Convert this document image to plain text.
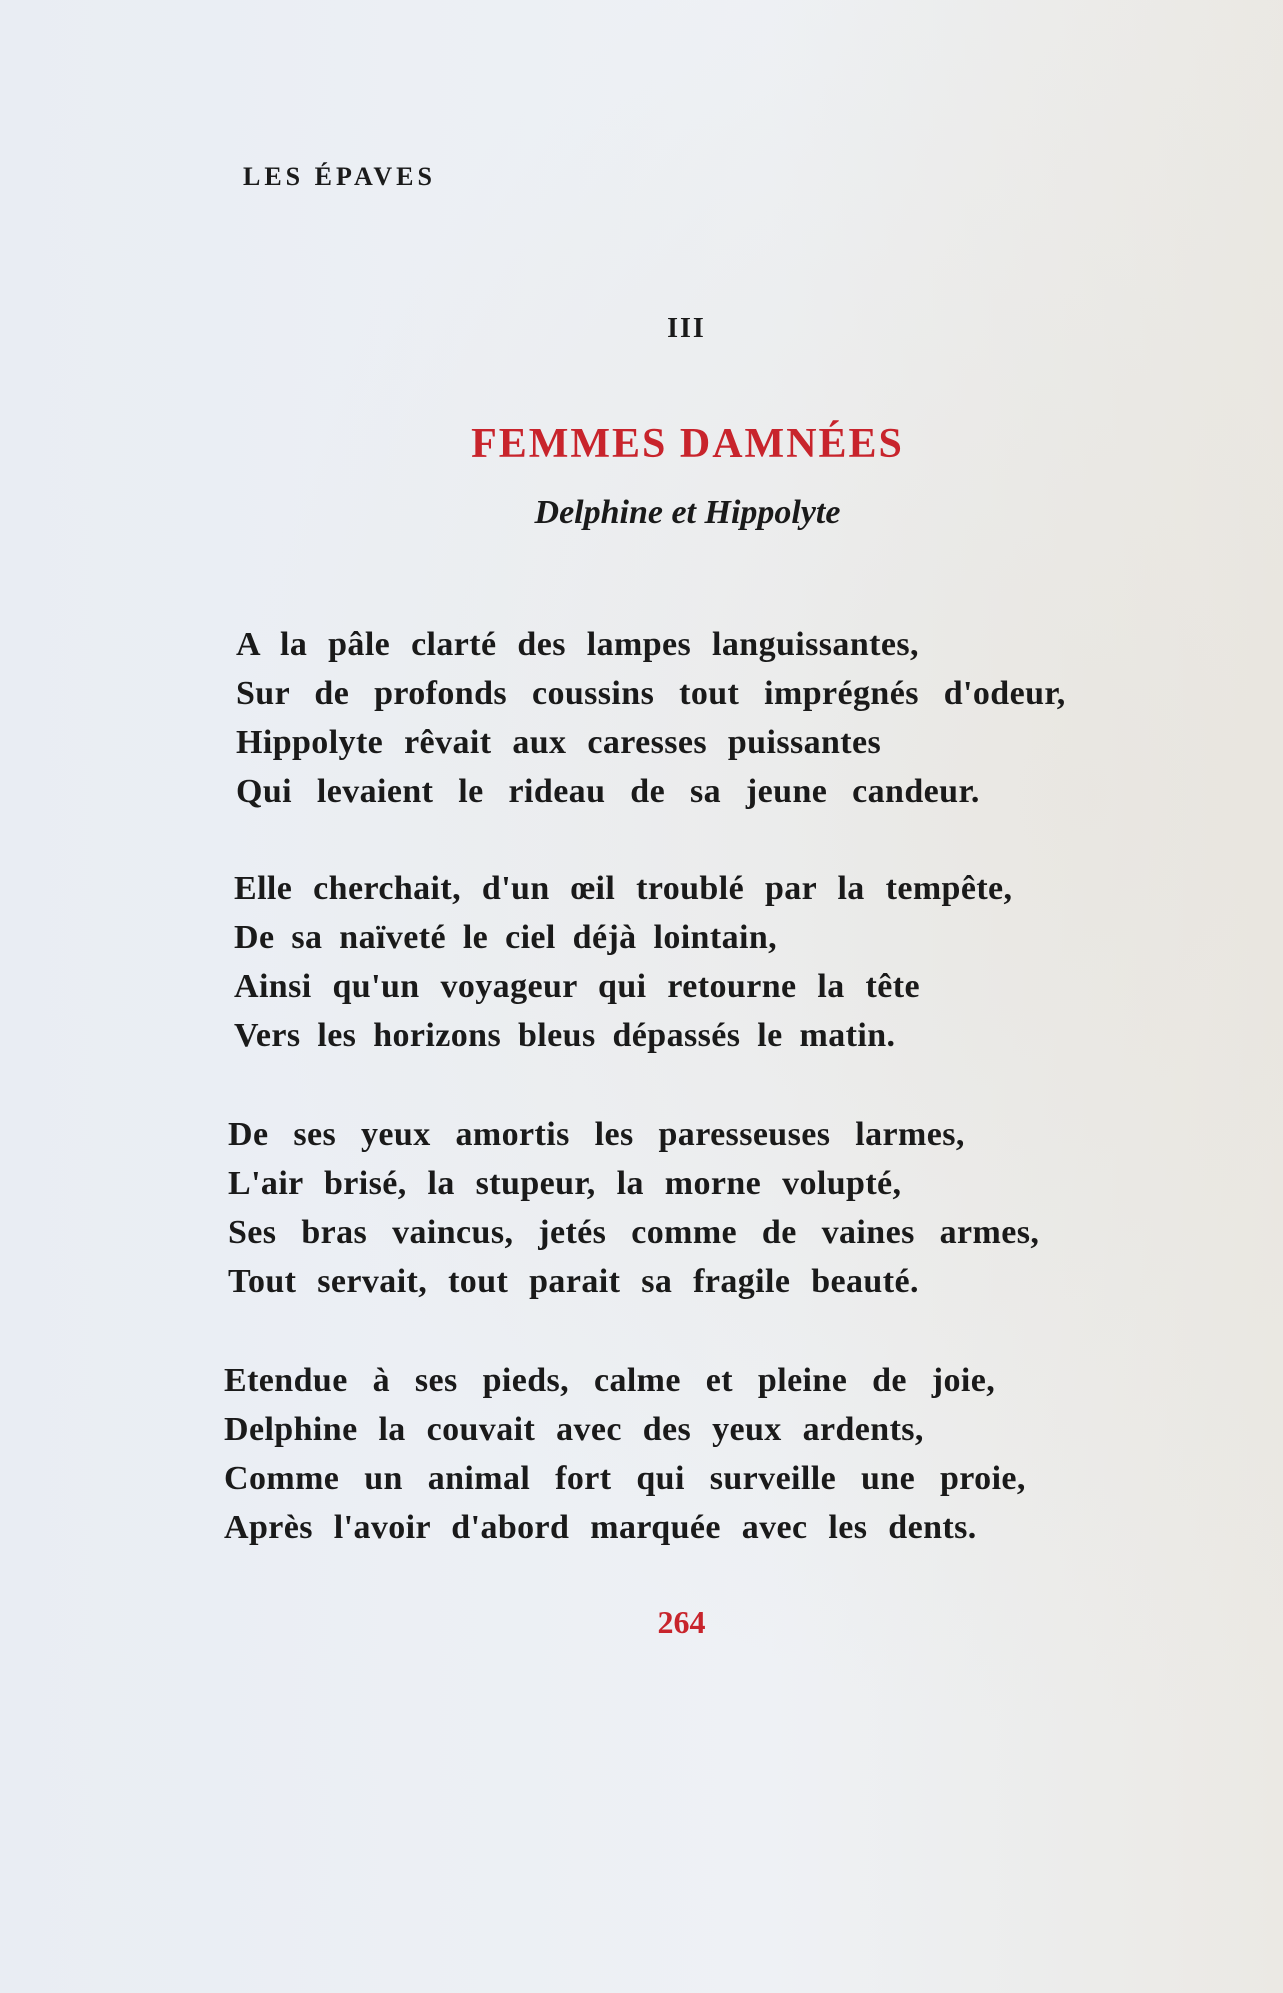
LES ÉPAVES
III
FEMMES DAMNÉES
Delphine et Hippolyte
A la pâle clarté des lampes languissantes,
Sur de profonds coussins tout imprégnés d'odeur,
Hippolyte rêvait aux caresses puissantes
Qui levaient le rideau de sa jeune candeur.
Elle cherchait, d'un œil troublé par la tempête,
De sa naïveté le ciel déjà lointain,
Ainsi qu'un voyageur qui retourne la tête
Vers les horizons bleus dépassés le matin.
De ses yeux amortis les paresseuses larmes,
L'air brisé, la stupeur, la morne volupté,
Ses bras vaincus, jetés comme de vaines armes,
Tout servait, tout parait sa fragile beauté.
Etendue à ses pieds, calme et pleine de joie,
Delphine la couvait avec des yeux ardents,
Comme un animal fort qui surveille une proie,
Après l'avoir d'abord marquée avec les dents.
264
